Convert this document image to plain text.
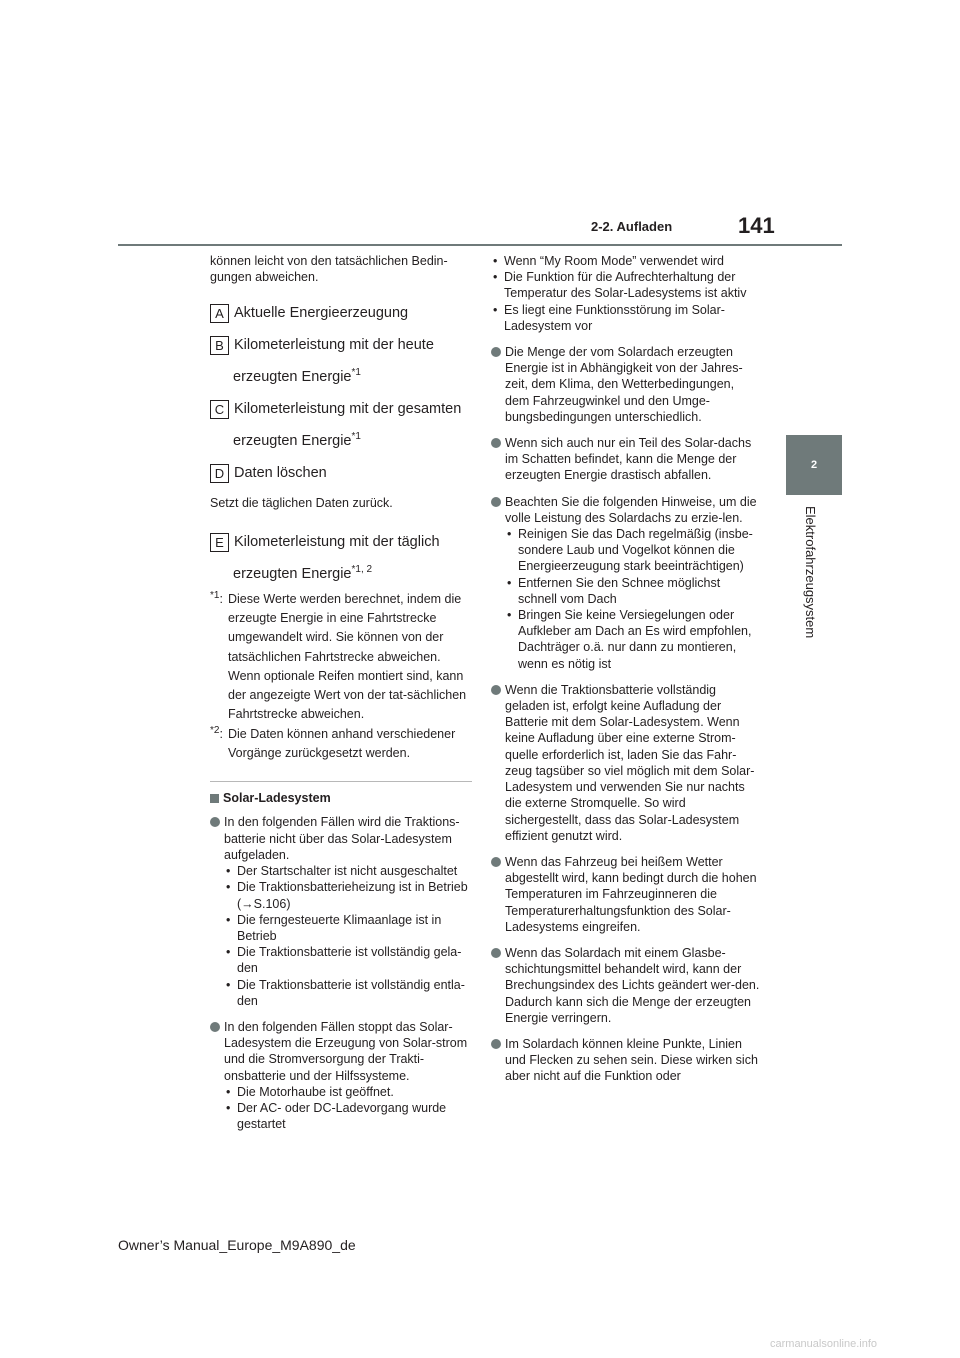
2-2. Aufladen	141
2
Elektrofahrzeugsystem

können leicht von den tatsächlichen Bedin-gungen abweichen.

A Aktuelle Energieerzeugung
B Kilometerleistung mit der heute
erzeugten Energie$^{*1}$
C Kilometerleistung mit der gesamten
erzeugten Energie$^{*1}$
D Daten löschen

Setzt die täglichen Daten zurück.

E Kilometerleistung mit der täglich
erzeugten Energie$^{*1, 2}$
$^{*1}$: Diese Werte werden berechnet, indem die erzeugte Energie in eine Fahrtstrecke umgewandelt wird. Sie können von der tatsächlichen Fahrtstrecke abweichen. Wenn optionale Reifen montiert sind, kann der angezeigte Wert von der tat-sächlichen Fahrtstrecke abweichen.
$^{*2}$: Die Daten können anhand verschiedener Vorgänge zurückgesetzt werden.
Solar-Ladesystem

In den folgenden Fällen wird die Traktions-batterie nicht über das Solar-Ladesystem aufgeladen.

• Der Startschalter ist nicht ausgeschaltet
• Die Traktionsbatterieheizung ist in Betrieb (→S.106)
• Die ferngesteuerte Klimaanlage ist in Betrieb
• Die Traktionsbatterie ist vollständig gela-den
• Die Traktionsbatterie ist vollständig entla-den

In den folgenden Fällen stoppt das Solar-Ladesystem die Erzeugung von Solar-strom und die Stromversorgung der Trakti-onsbatterie und der Hilfssysteme.

• Die Motorhaube ist geöffnet.
• Der AC- oder DC-Ladevorgang wurde gestartet
• Wenn “My Room Mode” verwendet wird
• Die Funktion für die Aufrechterhaltung der Temperatur des Solar-Ladesystems ist aktiv
• Es liegt eine Funktionsstörung im Solar-Ladesystem vor

Die Menge der vom Solardach erzeugten Energie ist in Abhängigkeit von der Jahres-zeit, dem Klima, den Wetterbedingungen, dem Fahrzeugwinkel und den Umge-bungsbedingungen unterschiedlich.

Wenn sich auch nur ein Teil des Solar-dachs im Schatten befindet, kann die Menge der erzeugten Energie drastisch abfallen.

Beachten Sie die folgenden Hinweise, um die volle Leistung des Solardachs zu erzie-len.

• Reinigen Sie das Dach regelmäßig (insbe-sondere Laub und Vogelkot können die Energieerzeugung stark beeinträchtigen)
• Entfernen Sie den Schnee möglichst schnell vom Dach
• Bringen Sie keine Versiegelungen oder Aufkleber am Dach an Es wird empfohlen, Dachträger o.ä. nur dann zu montieren, wenn es nötig ist

Wenn die Traktionsbatterie vollständig geladen ist, erfolgt keine Aufladung der Batterie mit dem Solar-Ladesystem. Wenn keine Aufladung über eine externe Strom-quelle erforderlich ist, laden Sie das Fahr-zeug tagsüber so viel möglich mit dem Solar-Ladesystem und verwenden Sie nur nachts die externe Stromquelle. So wird sichergestellt, dass das Solar-Ladesystem effizient genutzt wird.

Wenn das Fahrzeug bei heißem Wetter abgestellt wird, kann bedingt durch die hohen Temperaturen im Fahrzeuginneren die Temperaturerhaltungsfunktion des Solar-Ladesystems eingreifen.

Wenn das Solardach mit einem Glasbe-schichtungsmittel behandelt wird, kann der Brechungsindex des Lichts geändert wer-den. Dadurch kann sich die Menge der erzeugten Energie verringern.

Im Solardach können kleine Punkte, Linien und Flecken zu sehen sein. Diese wirken sich aber nicht auf die Funktion oder

Owner’s Manual_Europe_M9A890_de
carmanualsonline.info
